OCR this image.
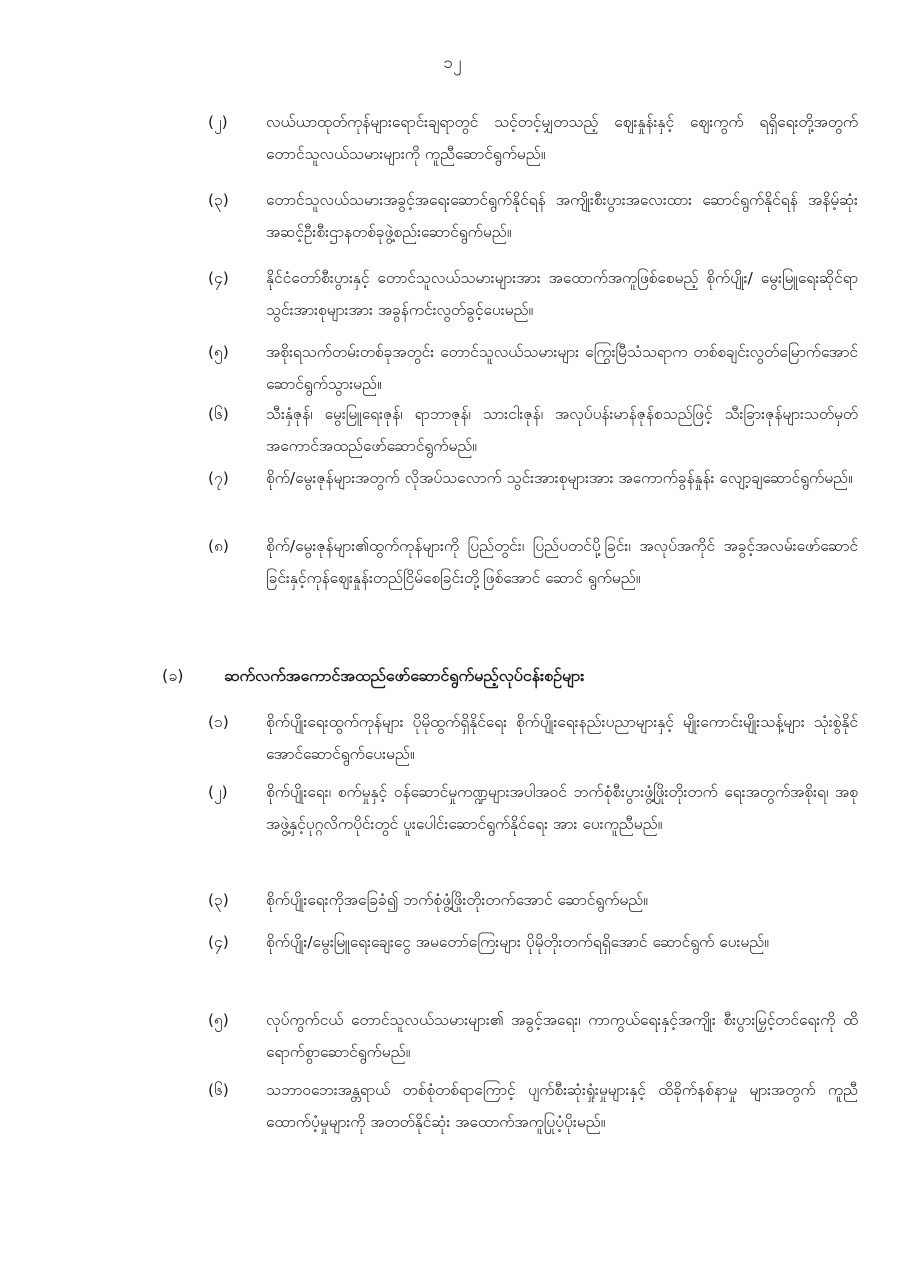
၁၂
(၂)	လယ်ယာထုတ်ကုန်များရောင်းချရာတွင် သင့်တင့်မျှတသည့် ဈေးနှုန်းနှင့် ဈေးကွက် ရရှိရေးတို့အတွက် တောင်သူလယ်သမားများကို ကူညီဆောင်ရွက်မည်။
(၃)	တောင်သူလယ်သမားအခွင့်အရေးဆောင်ရွက်နိုင်ရန် အကျိုးစီးပွားအလေးထား ဆောင်ရွက်နိုင်ရန် အနိမ့်ဆုံးအဆင့်ဦးစီးဌာနတစ်ခုဖွဲ့စည်းဆောင်ရွက်မည်။
(၄)	နိုင်ငံတော်စီးပွားနှင့် တောင်သူလယ်သမားများအား အထောက်အကူဖြစ်စေမည့် စိုက်ပျိုး/ မွေးမြူရေးဆိုင်ရာ သွင်းအားစုများအား အခွန်ကင်းလွတ်ခွင့်ပေးမည်။
(၅)	အစိုးရသက်တမ်းတစ်ခုအတွင်း တောင်သူလယ်သမားများ ကြွေးမြီသံသရာက တစ်စချင်းလွတ်မြောက်အောင်ဆောင်ရွက်သွားမည်။
(၆)	သီးနှံဇုန်၊ မွေးမြူရေးဇုန်၊ ရာဘာဇုန်၊ သားငါးဇုန်၊ အလုပ်ပန်းမာန်ဇုန်စသည်ဖြင့် သီးခြားဇုန်များသတ်မှတ်အကောင်အထည်ဖော်ဆောင်ရွက်မည်။
(၇)	စိုက်/မွေးဇုန်များအတွက် လိုအပ်သလောက် သွင်းအားစုများအား အကောက်ခွန်နှုန်း လျော့ချဆောင်ရွက်မည်။
(၈)	စိုက်/မွေးဇုန်များ၏ထွက်ကုန်များကို ပြည်တွင်း၊ ပြည်ပတင်ပို့ခြင်း၊ အလုပ်အကိုင် အခွင့်အလမ်းဖော်ဆောင်ခြင်းနှင့်ကုန်ဈေးနှုန်းတည်ငြိမ်စေခြင်းတို့ဖြစ်အောင် ဆောင် ရွက်မည်။
(ခ)	ဆက်လက်အကောင်အထည်ဖော်ဆောင်ရွက်မည့်လုပ်ငန်းစဉ်များ
(၁)	စိုက်ပျိုးရေးထွက်ကုန်များ ပိုမိုထွက်ရှိနိုင်ရေး စိုက်ပျိုးရေးနည်းပညာများနှင့် မျိုးကောင်းမျိုးသန့်များ သုံးစွဲနိုင်အောင်ဆောင်ရွက်ပေးမည်။
(၂)	စိုက်ပျိုးရေး၊ စက်မှုနှင့် ဝန်ဆောင်မှုကဏ္ဍများအပါအဝင် ဘက်စုံစီးပွားဖွံ့ဖြိုးတိုးတက် ရေးအတွက်အစိုးရ၊ အစုအဖွဲ့နှင့်ပုဂ္ဂလိကပိုင်းတွင် ပူးပေါင်းဆောင်ရွက်နိုင်ရေး အား ပေးကူညီမည်။
(၃)	စိုက်ပျိုးရေးကိုအခြေခံ၍ ဘက်စုံဖွံ့ဖြိုးတိုးတက်အောင် ဆောင်ရွက်မည်။
(၄)	စိုက်ပျိုး/မွေးမြူရေးချေးငွေ အမတော်ကြေးများ ပိုမိုတိုးတက်ရရှိအောင် ဆောင်ရွက် ပေးမည်။
(၅)	လုပ်ကွက်ငယ် တောင်သူလယ်သမားများ၏ အခွင့်အရေး၊ ကာကွယ်ရေးနှင့်အကျိုး စီးပွားမြှင့်တင်ရေးကို ထိရောက်စွာဆောင်ရွက်မည်။
(၆)	သဘာဝဘေးအန္တရာယ် တစ်စုံတစ်ရာကြောင့် ပျက်စီးဆုံးရှုံးမှုများနှင့် ထိခိုက်နစ်နာမှု များအတွက် ကူညီထောက်ပံ့မှုများကို အတတ်နိုင်ဆုံး အထောက်အကူပြုပံ့ပိုးမည်။
